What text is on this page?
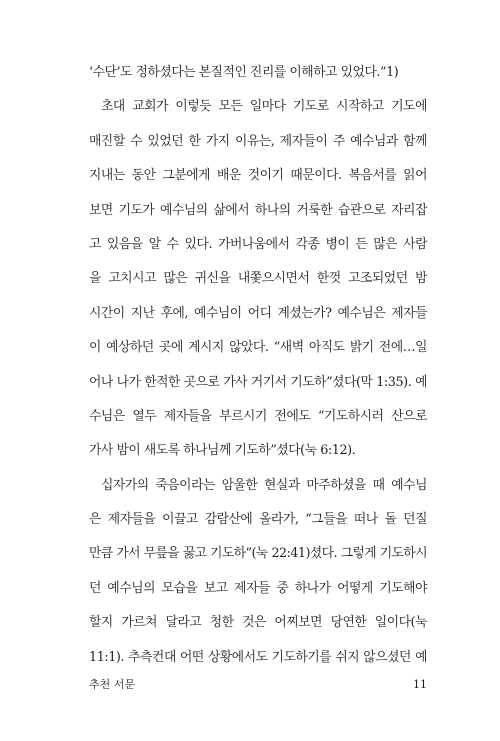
‘수단’도 정하셨다는 본질적인 진리를 이해하고 있었다.”1)
초대 교회가 이렇듯 모든 일마다 기도로 시작하고 기도에
매진할 수 있었던 한 가지 이유는, 제자들이 주 예수님과 함께
지내는 동안 그분에게 배운 것이기 때문이다. 복음서를 읽어
보면 기도가 예수님의 삶에서 하나의 거룩한 습관으로 자리잡
고 있음을 알 수 있다. 가버나움에서 각종 병이 든 많은 사람
을 고치시고 많은 귀신을 내쫓으시면서 한껏 고조되었던 밤
시간이 지난 후에, 예수님이 어디 계셨는가? 예수님은 제자들
이 예상하던 곳에 계시지 않았다. “새벽 아직도 밝기 전에…일
어나 나가 한적한 곳으로 가사 거기서 기도하”셨다(막 1:35). 예
수님은 열두 제자들을 부르시기 전에도 “기도하시러 산으로
가사 밤이 새도록 하나님께 기도하”셨다(눅 6:12).
십자가의 죽음이라는 암울한 현실과 마주하셨을 때 예수님
은 제자들을 이끌고 감람산에 올라가, “그들을 떠나 돌 던질
만큼 가서 무릎을 꿇고 기도하”(눅 22:41)셨다. 그렇게 기도하시
던 예수님의 모습을 보고 제자들 중 하나가 어떻게 기도해야
할지 가르쳐 달라고 청한 것은 어찌보면 당연한 일이다(눅
11:1). 추측컨대 어떤 상황에서도 기도하기를 쉬지 않으셨던 예
추천 서문	11
